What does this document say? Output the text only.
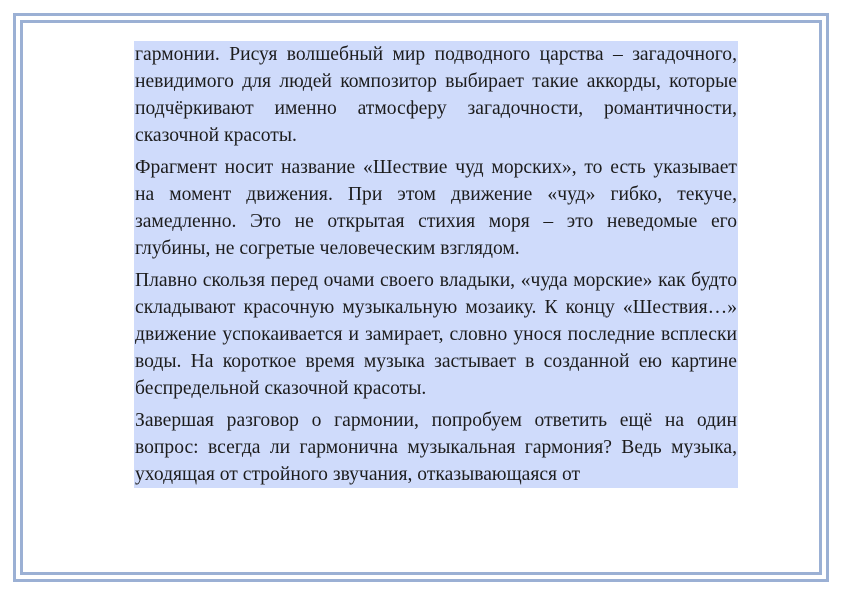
гармонии. Рисуя волшебный мир подводного царства – загадочного, невидимого для людей композитор выбирает такие аккорды, которые подчёркивают именно атмосферу загадочности, романтичности, сказочной красоты.

Фрагмент носит название «Шествие чуд морских», то есть указывает на момент движения. При этом движение «чуд» гибко, текуче, замедленно. Это не открытая стихия моря – это неведомые его глубины, не согретые человеческим взглядом.

Плавно скользя перед очами своего владыки, «чуда морские» как будто складывают красочную музыкальную мозаику. К концу «Шествия…» движение успокаивается и замирает, словно унося последние всплески воды. На короткое время музыка застывает в созданной ею картине беспредельной сказочной красоты.

Завершая разговор о гармонии, попробуем ответить ещё на один вопрос: всегда ли гармонична музыкальная гармония? Ведь музыка, уходящая от стройного звучания, отказывающаяся от
